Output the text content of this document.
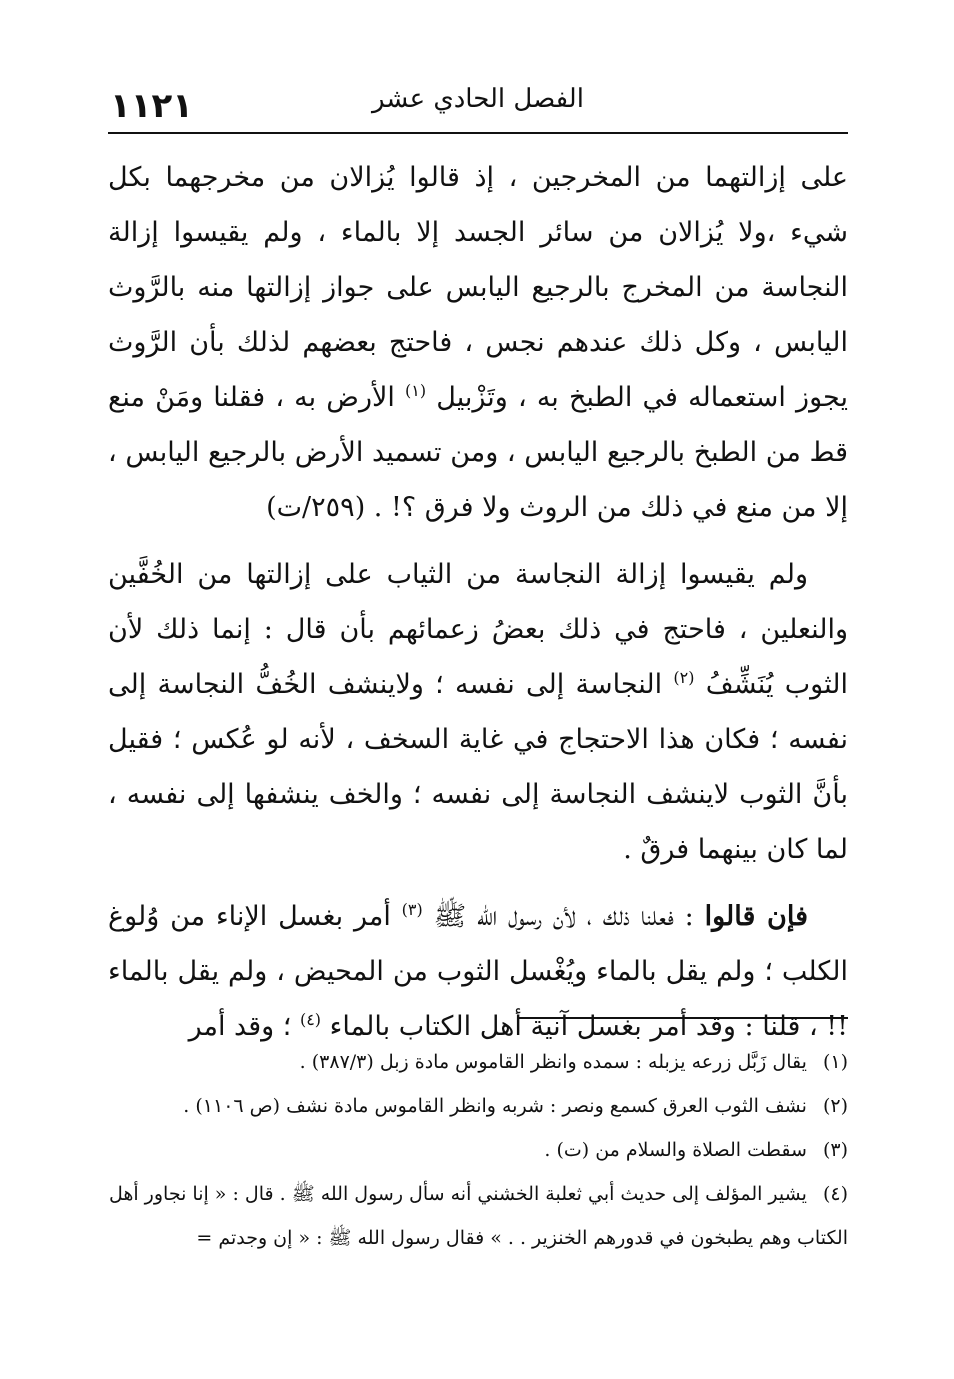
١١٢١	الفصل الحادي عشر

على إزالتهما من المخرجين ، إذ قالوا يُزالان من مخرجهما بكل شيء ،ولا يُزالان من سائر الجسد إلا بالماء ، ولم يقيسوا إزالة النجاسة من المخرج بالرجيع اليابس على جواز إزالتها منه بالرَّوث اليابس ، وكل ذلك عندهم نجس ، فاحتج بعضهم لذلك بأن الرَّوث يجوز استعماله في الطبخ به ، وتَزْبيل $^{(١)}$ الأرض به ، فقلنا ومَنْ منع قط من الطبخ بالرجيع اليابس ، ومن تسميد الأرض بالرجيع اليابس ، إلا من منع في ذلك من الروث ولا فرق ؟! . (٢٥٩/ت)

ولم يقيسوا إزالة النجاسة من الثياب على إزالتها من الخُفَّين والنعلين ، فاحتج في ذلك بعضُ زعمائهم بأن قال : إنما ذلك لأن الثوب يُنَشِّفُ $^{(٢)}$ النجاسة إلى نفسه ؛ ولاينشف الخُفُّ النجاسة إلى نفسه ؛ فكان هذا الاحتجاج في غاية السخف ، لأنه لو عُكس ؛ فقيل بأنَّ الثوب لاينشف النجاسة إلى نفسه ؛ والخف ينشفها إلى نفسه ، لما كان بينهما فرقٌ .

فإن قالوا : فعلنا ذلك ، لأن رسول الله ﷺ $^{(٣)}$ أمر بغسل الإناء من وُلوغ الكلب ؛ ولم يقل بالماء ويُغْسل الثوب من المحيض ، ولم يقل بالماء !! ، قلنا : وقد أمر بغسل آنية أهل الكتاب بالماء $^{(٤)}$ ؛ وقد أمر

(١) يقال زَبَّل زرعه يزبله : سمده وانظر القاموس مادة زبل (٣٨٧/٣) .

(٢) نشف الثوب العرق كسمع ونصر : شربه وانظر القاموس مادة نشف (ص ١١٠٦) .

(٣) سقطت الصلاة والسلام من (ت) .

(٤) يشير المؤلف إلى حديث أبي ثعلبة الخشني أنه سأل رسول الله ﷺ . قال : « إنا نجاور أهل الكتاب وهم يطبخون في قدورهم الخنزير . . » فقال رسول الله ﷺ : « إن وجدتم =
